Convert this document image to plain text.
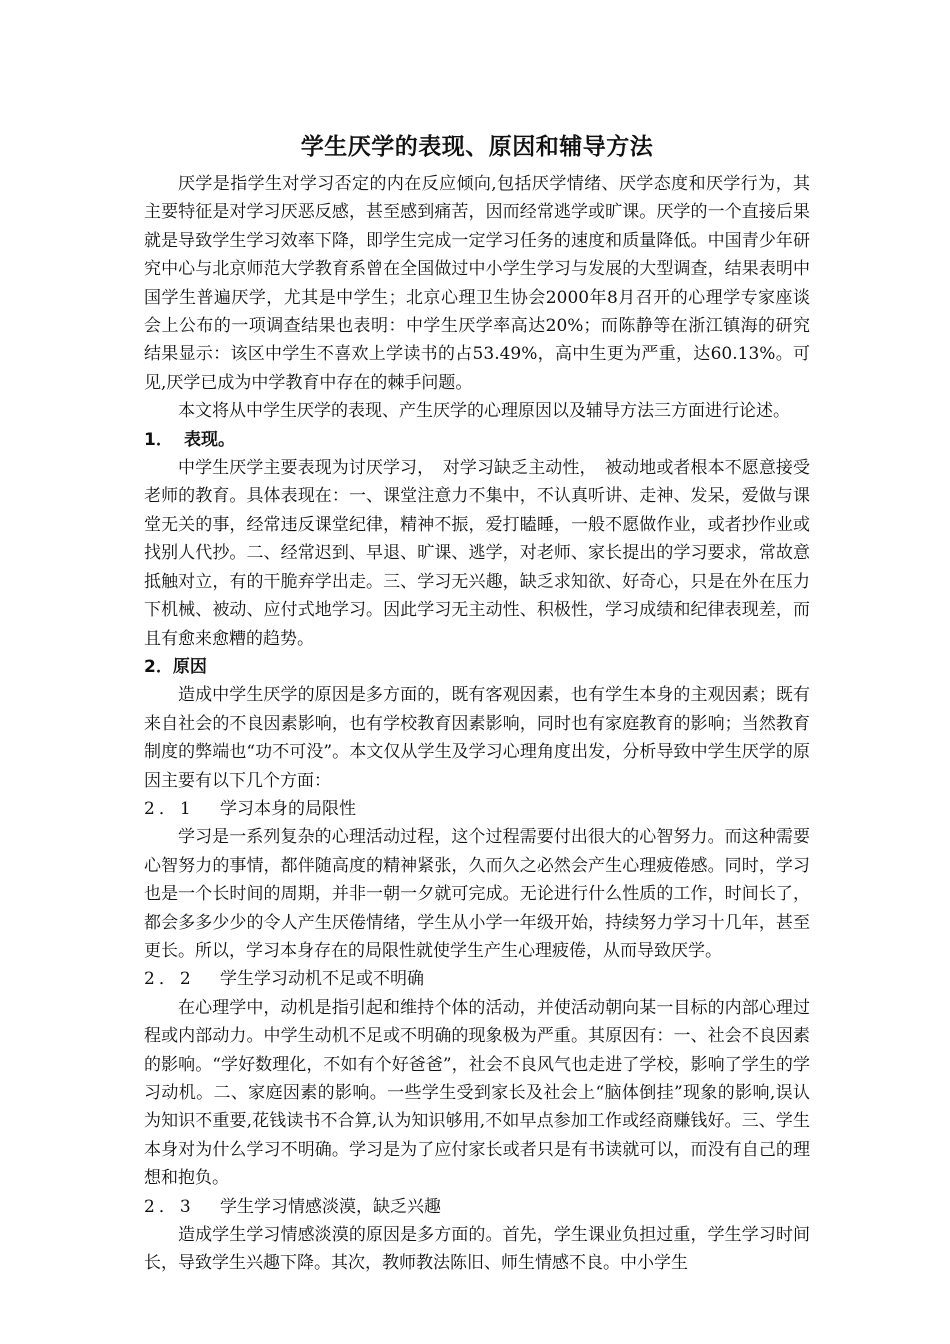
学生厌学的表现、原因和辅导方法

厌学是指学生对学习否定的内在反应倾向,包括厌学情绪、厌学态度和厌学行为，其主要特征是对学习厌恶反感，甚至感到痛苦，因而经常逃学或旷课。厌学的一个直接后果就是导致学生学习效率下降，即学生完成一定学习任务的速度和质量降低。中国青少年研究中心与北京师范大学教育系曾在全国做过中小学生学习与发展的大型调查，结果表明中国学生普遍厌学，尤其是中学生；北京心理卫生协会2000年8月召开的心理学专家座谈会上公布的一项调查结果也表明：中学生厌学率高达20%；而陈静等在浙江镇海的研究结果显示：该区中学生不喜欢上学读书的占53.49%，高中生更为严重，达60.13%。可见,厌学已成为中学教育中存在的棘手问题。

本文将从中学生厌学的表现、产生厌学的心理原因以及辅导方法三方面进行论述。

1． 表现。

中学生厌学主要表现为讨厌学习，　对学习缺乏主动性，　被动地或者根本不愿意接受老师的教育。具体表现在：一、课堂注意力不集中，不认真听讲、走神、发呆，爱做与课堂无关的事，经常违反课堂纪律，精神不振，爱打瞌睡，一般不愿做作业，或者抄作业或找别人代抄。二、经常迟到、早退、旷课、逃学，对老师、家长提出的学习要求，常故意抵触对立，有的干脆弃学出走。三、学习无兴趣，缺乏求知欲、好奇心，只是在外在压力下机械、被动、应付式地学习。因此学习无主动性、积极性，学习成绩和纪律表现差，而且有愈来愈糟的趋势。

2．原因

造成中学生厌学的原因是多方面的，既有客观因素，也有学生本身的主观因素；既有来自社会的不良因素影响，也有学校教育因素影响，同时也有家庭教育的影响；当然教育制度的弊端也“功不可没”。本文仅从学生及学习心理角度出发，分析导致中学生厌学的原因主要有以下几个方面：

2．1 学习本身的局限性

学习是一系列复杂的心理活动过程，这个过程需要付出很大的心智努力。而这种需要心智努力的事情，都伴随高度的精神紧张，久而久之必然会产生心理疲倦感。同时，学习也是一个长时间的周期，并非一朝一夕就可完成。无论进行什么性质的工作，时间长了，都会多多少少的令人产生厌倦情绪，学生从小学一年级开始，持续努力学习十几年，甚至更长。所以，学习本身存在的局限性就使学生产生心理疲倦，从而导致厌学。

2．2 学生学习动机不足或不明确

在心理学中，动机是指引起和维持个体的活动，并使活动朝向某一目标的内部心理过程或内部动力。中学生动机不足或不明确的现象极为严重。其原因有：一、社会不良因素的影响。“学好数理化，不如有个好爸爸”，社会不良风气也走进了学校，影响了学生的学习动机。二、家庭因素的影响。一些学生受到家长及社会上“脑体倒挂”现象的影响,误认为知识不重要,花钱读书不合算,认为知识够用,不如早点参加工作或经商赚钱好。三、学生本身对为什么学习不明确。学习是为了应付家长或者只是有书读就可以，而没有自己的理想和抱负。

2．3 学生学习情感淡漠，缺乏兴趣

造成学生学习情感淡漠的原因是多方面的。首先，学生课业负担过重，学生学习时间长，导致学生兴趣下降。其次，教师教法陈旧、师生情感不良。中小学生
